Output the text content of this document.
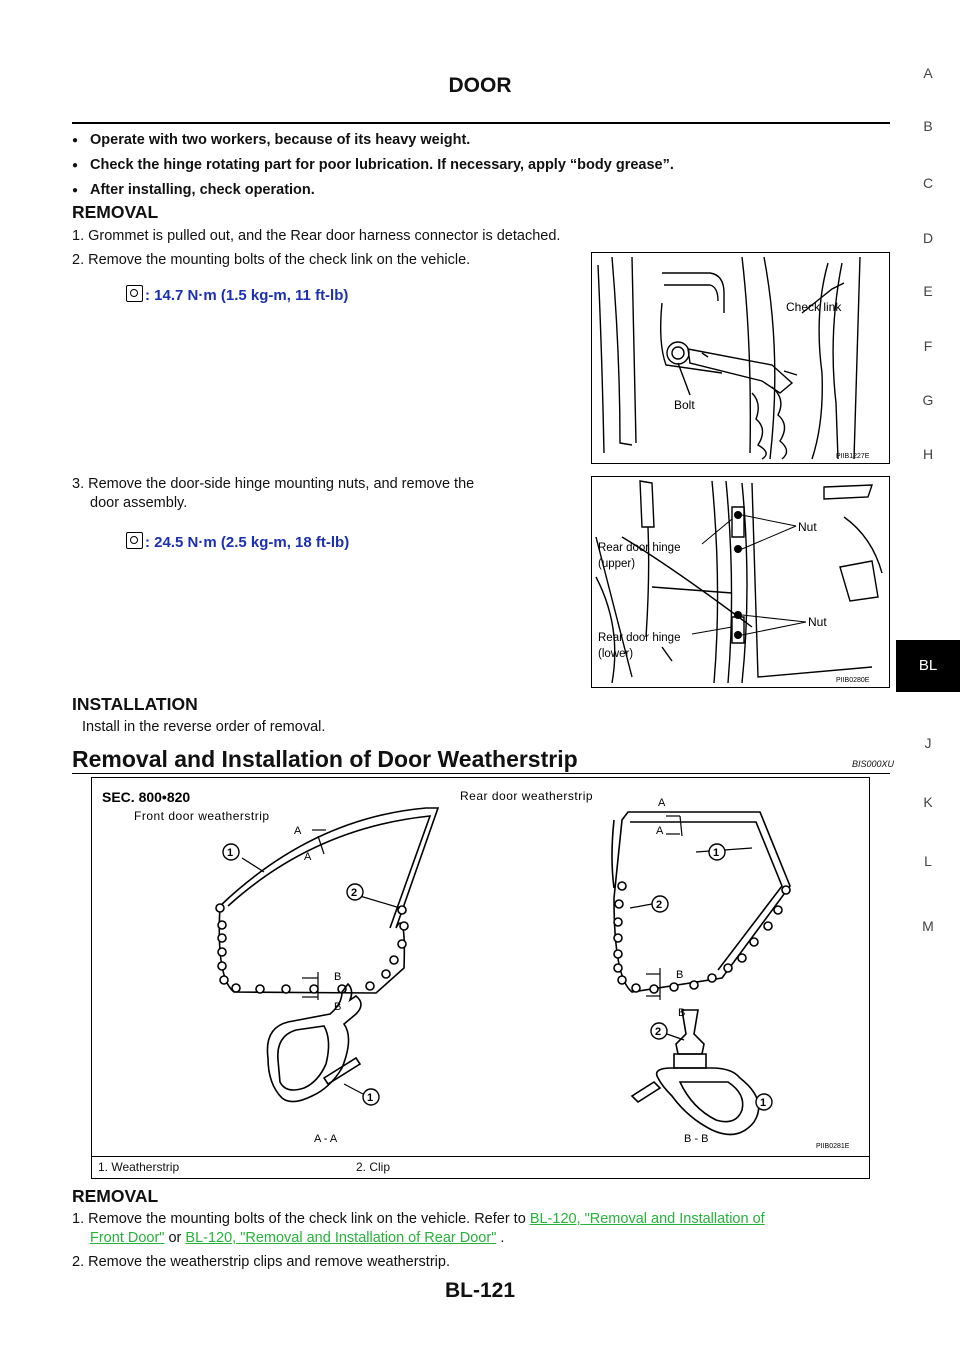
DOOR
● Operate with two workers, because of its heavy weight.
● Check the hinge rotating part for poor lubrication. If necessary, apply “body grease”.
● After installing, check operation.
REMOVAL
1. Grommet is pulled out, and the Rear door harness connector is detached.
2. Remove the mounting bolts of the check link on the vehicle.
: 14.7 N·m (1.5 kg-m, 11 ft-lb)
3. Remove the door-side hinge mounting nuts, and remove the
door assembly.
: 24.5 N·m (2.5 kg-m, 18 ft-lb)
Check link
Bolt
PIIB1227E
Nut
Nut
Rear door hinge
(upper)
Rear door hinge
(lower)
PIIB0280E
INSTALLATION
Install in the reverse order of removal.
Removal and Installation of Door Weatherstrip	BIS000XU
SEC. 800•820
Front door weatherstrip
Rear door weatherstrip
A
A
B
B
1
2
A
A
B
B
1
2
A - A
1
B - B
2
1
PIIB0281E
1. Weatherstrip	2. Clip
REMOVAL
1. Remove the mounting bolts of the check link on the vehicle. Refer to BL-120, "Removal and Installation of
Front Door" or BL-120, "Removal and Installation of Rear Door" .
2. Remove the weatherstrip clips and remove weatherstrip.
A
B
C
D
E
F
G
H
BL
J
K
L
M
BL-121
